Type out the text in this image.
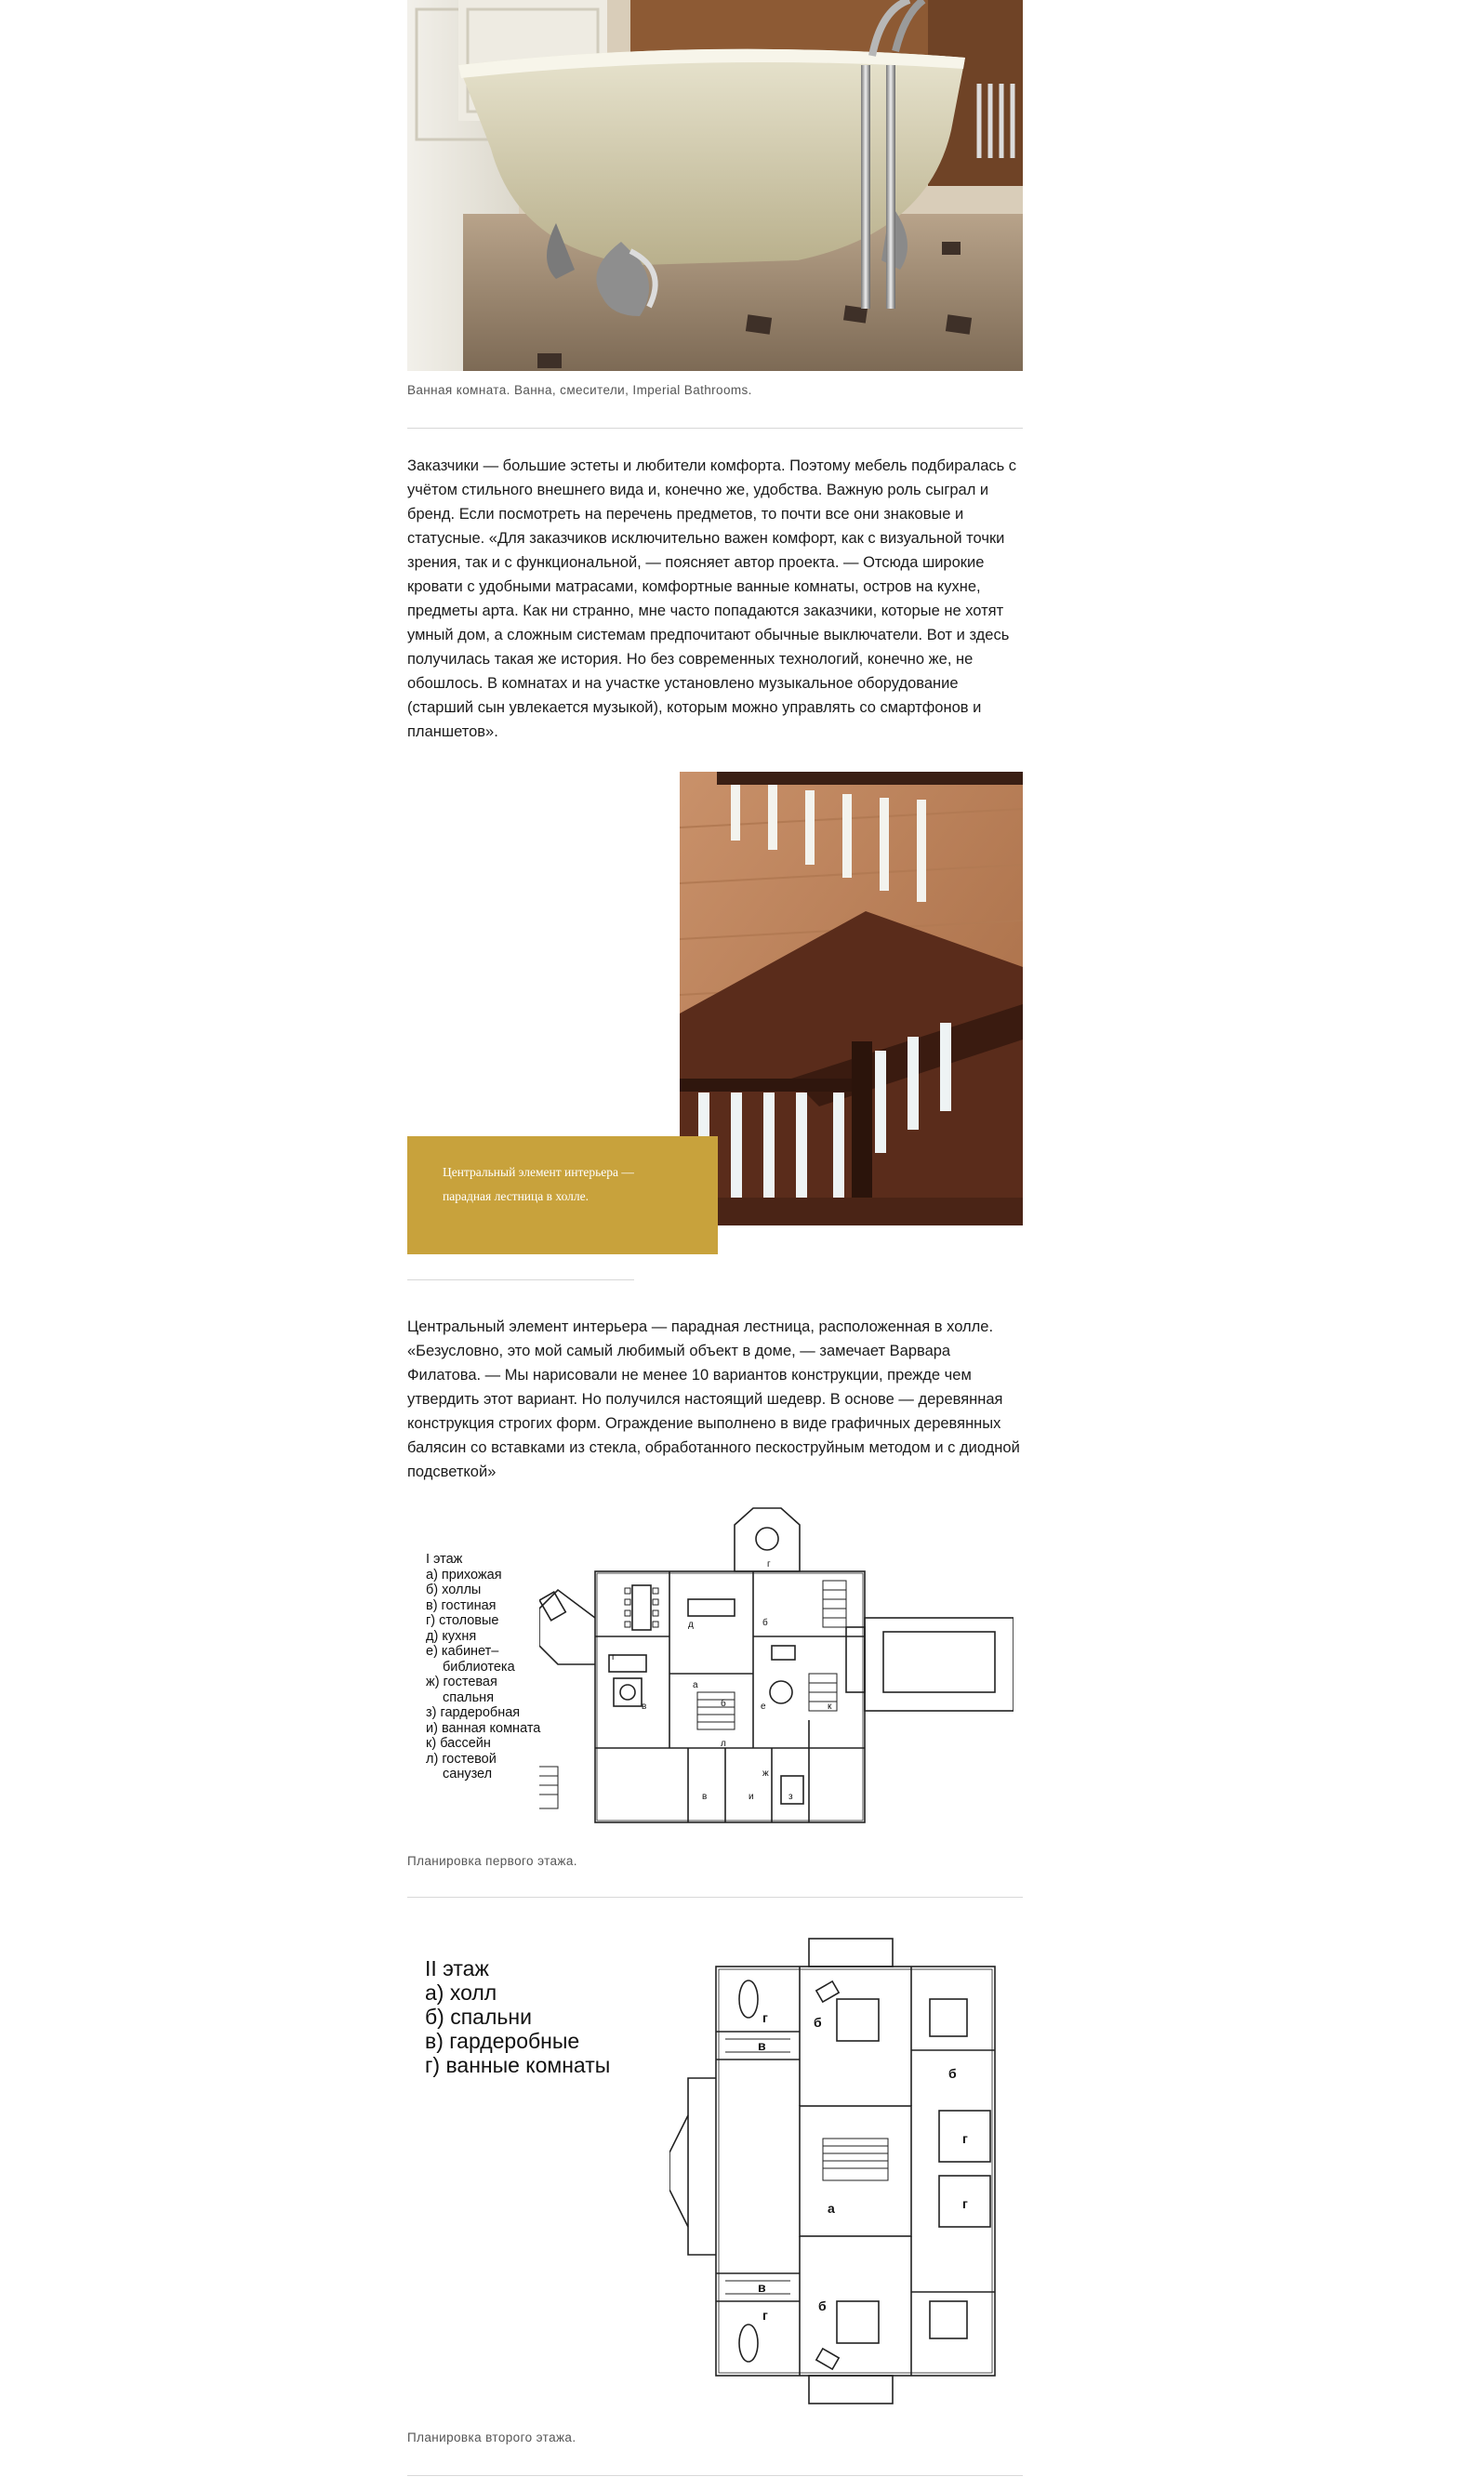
Ванная комната. Ванна, смесители, Imperial Bathrooms.
Заказчики — большие эстеты и любители комфорта. Поэтому мебель подбиралась с учётом стильного внешнего вида и, конечно же, удобства. Важную роль сыграл и бренд. Если посмотреть на перечень предметов, то почти все они знаковые и статусные. «Для заказчиков исключительно важен комфорт, как с визуальной точки зрения, так и с функциональной, — поясняет автор проекта. — Отсюда широкие кровати с удобными матрасами, комфортные ванные комнаты, остров на кухне, предметы арта. Как ни странно, мне часто попадаются заказчики, которые не хотят умный дом, а сложным системам предпочитают обычные выключатели. Вот и здесь получилась такая же история. Но без современных технологий, конечно же, не обошлось. В комнатах и на участке установлено музыкальное оборудование (старший сын увлекается музыкой), которым можно управлять со смартфонов и планшетов».
Центральный элемент интерьера — парадная лестница в холле.
Центральный элемент интерьера — парадная лестница, расположенная в холле. «Безусловно, это мой самый любимый объект в доме, — замечает Варвара Филатова. — Мы нарисовали не менее 10 вариантов конструкции, прежде чем утвердить этот вариант. Но получился настоящий шедевр. В основе — деревянная конструкция строгих форм. Ограждение выполнено в виде графичных деревянных балясин со вставками из стекла, обработанного пескоструйным методом и с диодной подсветкой»
I этаж
а) прихожая
б) холлы
в) гостиная
г) столовые
д) кухня
е) кабинет–
библиотека
ж) гостевая
спальня
з) гардеробная
и) ванная комната
к) бассейн
л) гостевой
санузел
г
г
б
д
а
б
в	е	к
л
в	и	з
ж
Планировка первого этажа.
II этаж
а) холл
б) спальни
в) гардеробные
г) ванные комнаты
г
в
б
б
г
г
а
в
г
б
Планировка второго этажа.
